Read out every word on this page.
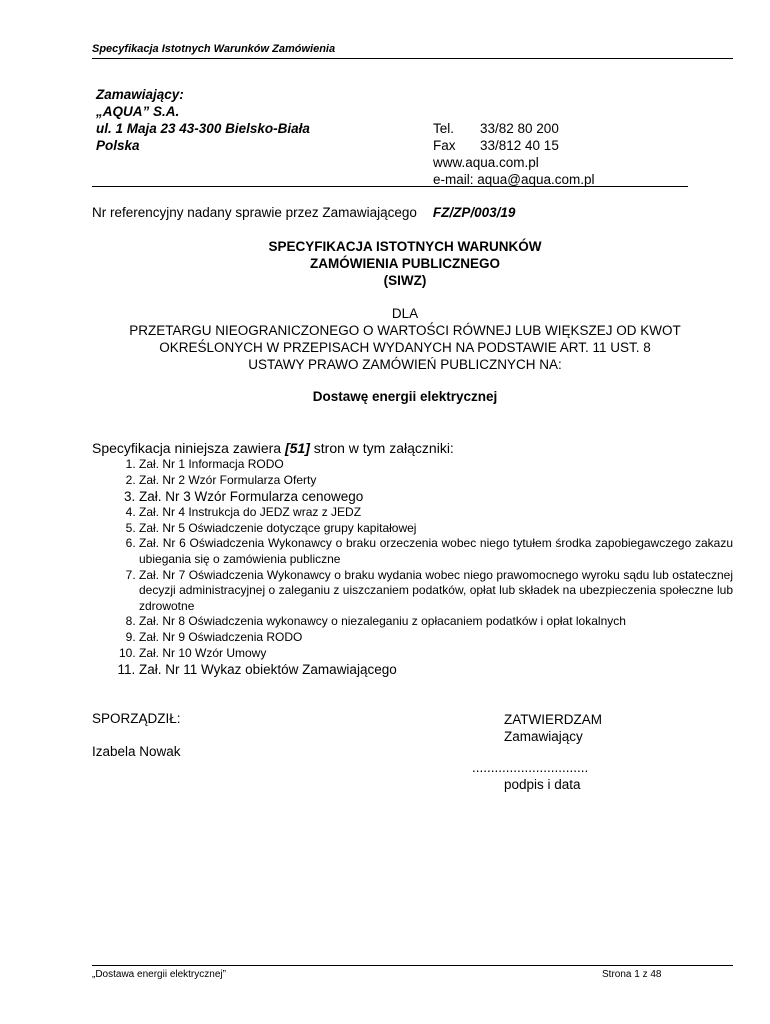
Specyfikacja Istotnych Warunków Zamówienia
Zamawiający:
„AQUA” S.A.
ul. 1 Maja 23 43-300 Bielsko-Biała
Polska
Tel. 33/82 80 200
Fax 33/812 40 15
www.aqua.com.pl
e-mail: aqua@aqua.com.pl
Nr referencyjny nadany sprawie przez Zamawiającego FZ/ZP/003/19
SPECYFIKACJA ISTOTNYCH WARUNKÓW
ZAMÓWIENIA PUBLICZNEGO
(SIWZ)
DLA
PRZETARGU NIEOGRANICZONEGO O WARTOŚCI RÓWNEJ LUB WIĘKSZEJ OD KWOT
OKREŚLONYCH W PRZEPISACH WYDANYCH NA PODSTAWIE ART. 11 UST. 8
USTAWY PRAWO ZAMÓWIEŃ PUBLICZNYCH NA:
Dostawę energii elektrycznej
Specyfikacja niniejsza zawiera [51] stron w tym załączniki:
1. Zał. Nr 1 Informacja RODO
2. Zał. Nr 2 Wzór Formularza Oferty
3. Zał. Nr 3 Wzór Formularza cenowego
4. Zał. Nr 4 Instrukcja do JEDZ wraz z JEDZ
5. Zał. Nr 5 Oświadczenie dotyczące grupy kapitałowej
6. Zał. Nr 6 Oświadczenia Wykonawcy o braku orzeczenia wobec niego tytułem środka zapobiegawczego zakazu ubiegania się o zamówienia publiczne
7. Zał. Nr 7 Oświadczenia Wykonawcy o braku wydania wobec niego prawomocnego wyroku sądu lub ostatecznej decyzji administracyjnej o zaleganiu z uiszczaniem podatków, opłat lub składek na ubezpieczenia społeczne lub zdrowotne
8. Zał. Nr 8 Oświadczenia wykonawcy o niezaleganiu z opłacaniem podatków i opłat lokalnych
9. Zał. Nr 9 Oświadczenia RODO
10. Zał. Nr 10 Wzór Umowy
11. Zał. Nr 11 Wykaz obiektów Zamawiającego
SPORZĄDZIŁ:
Izabela Nowak
ZATWIERDZAM
Zamawiający
...............................
podpis i data
„Dostawa energii elektrycznej”	Strona 1 z 48
